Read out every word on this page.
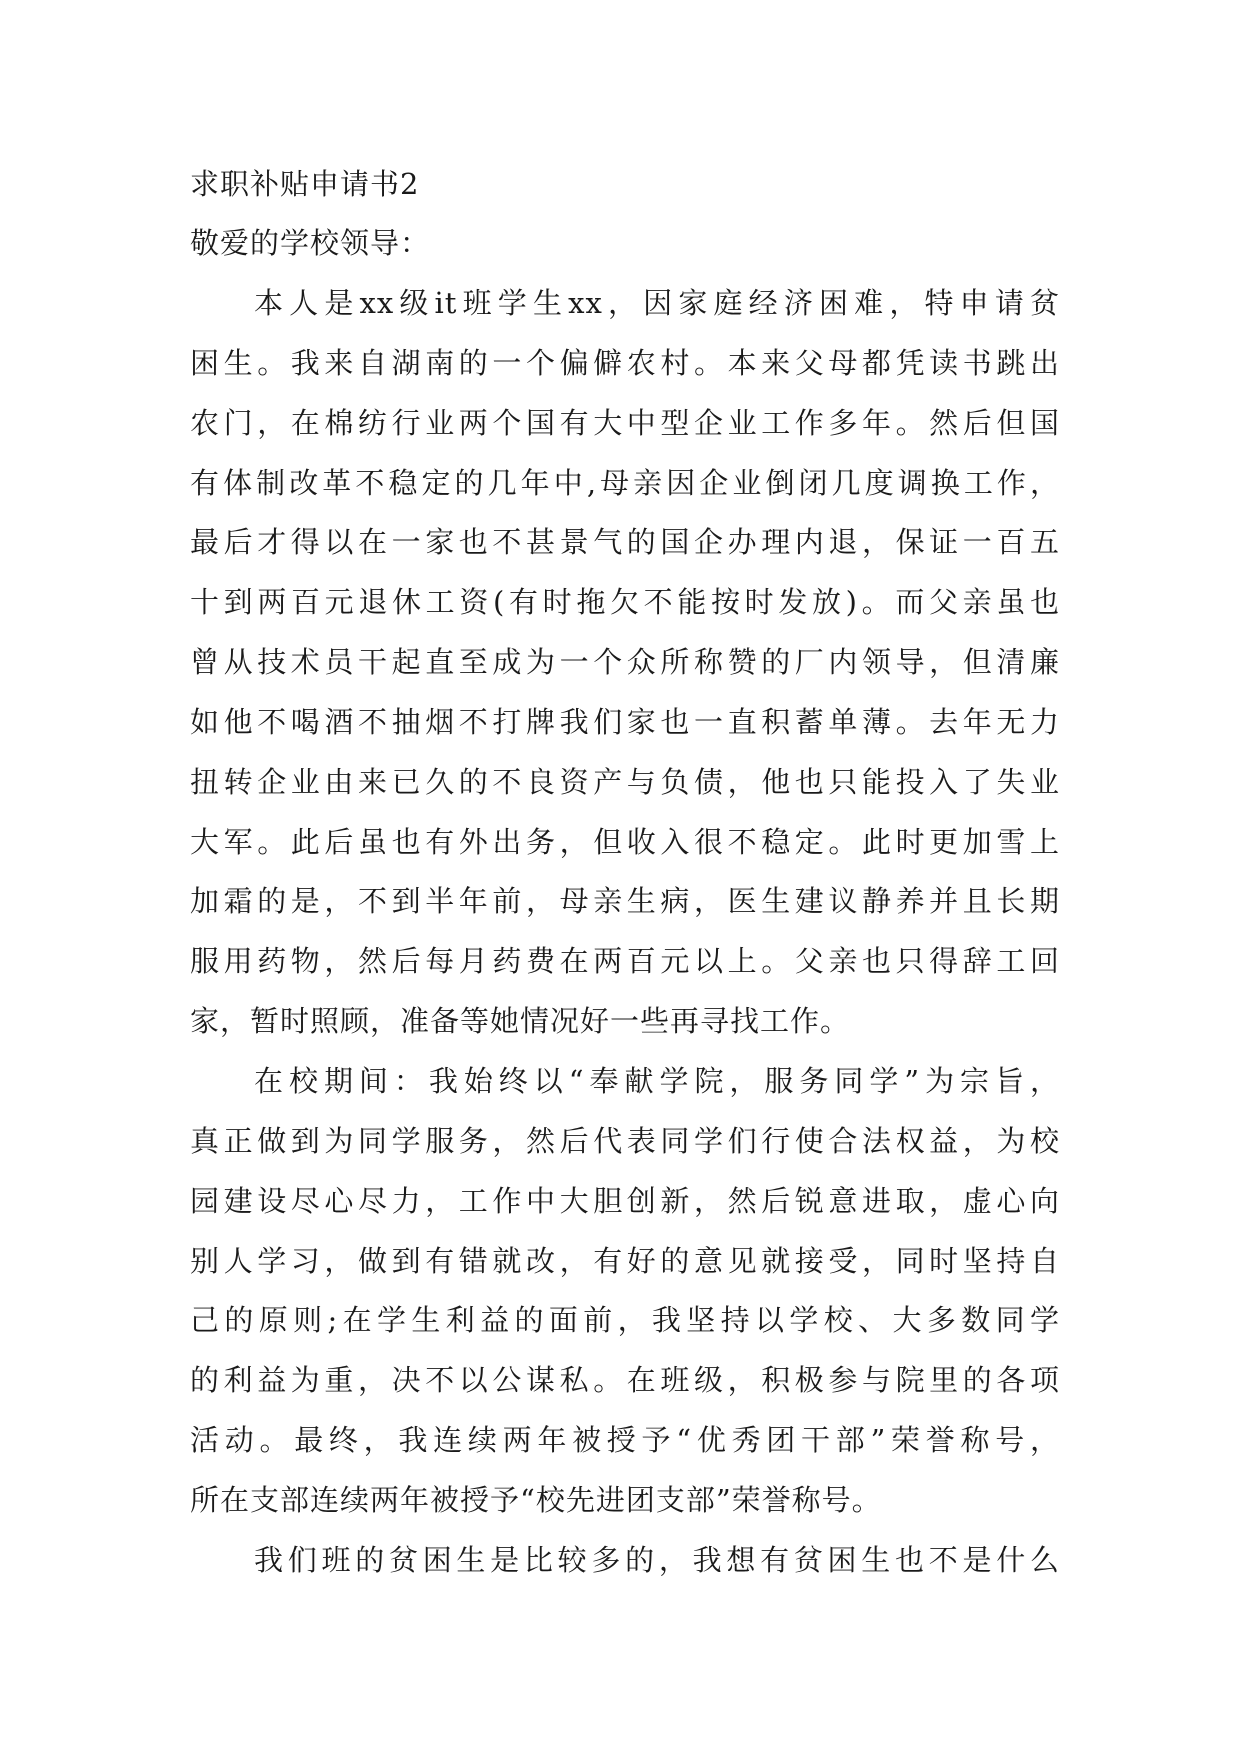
求职补贴申请书2
敬爱的学校领导：
本人是xx级it班学生xx，因家庭经济困难，特申请贫
困生。我来自湖南的一个偏僻农村。本来父母都凭读书跳出
农门，在棉纺行业两个国有大中型企业工作多年。然后但国
有体制改革不稳定的几年中,母亲因企业倒闭几度调换工作，
最后才得以在一家也不甚景气的国企办理内退，保证一百五
十到两百元退休工资(有时拖欠不能按时发放)。而父亲虽也
曾从技术员干起直至成为一个众所称赞的厂内领导，但清廉
如他不喝酒不抽烟不打牌我们家也一直积蓄单薄。去年无力
扭转企业由来已久的不良资产与负债，他也只能投入了失业
大军。此后虽也有外出务，但收入很不稳定。此时更加雪上
加霜的是，不到半年前，母亲生病，医生建议静养并且长期
服用药物，然后每月药费在两百元以上。父亲也只得辞工回
家，暂时照顾，准备等她情况好一些再寻找工作。
在校期间：我始终以“奉献学院，服务同学”为宗旨，
真正做到为同学服务，然后代表同学们行使合法权益，为校
园建设尽心尽力，工作中大胆创新，然后锐意进取，虚心向
别人学习，做到有错就改，有好的意见就接受，同时坚持自
己的原则;在学生利益的面前，我坚持以学校、大多数同学
的利益为重，决不以公谋私。在班级，积极参与院里的各项
活动。最终，我连续两年被授予“优秀团干部”荣誉称号，
所在支部连续两年被授予“校先进团支部”荣誉称号。
我们班的贫困生是比较多的，我想有贫困生也不是什么
